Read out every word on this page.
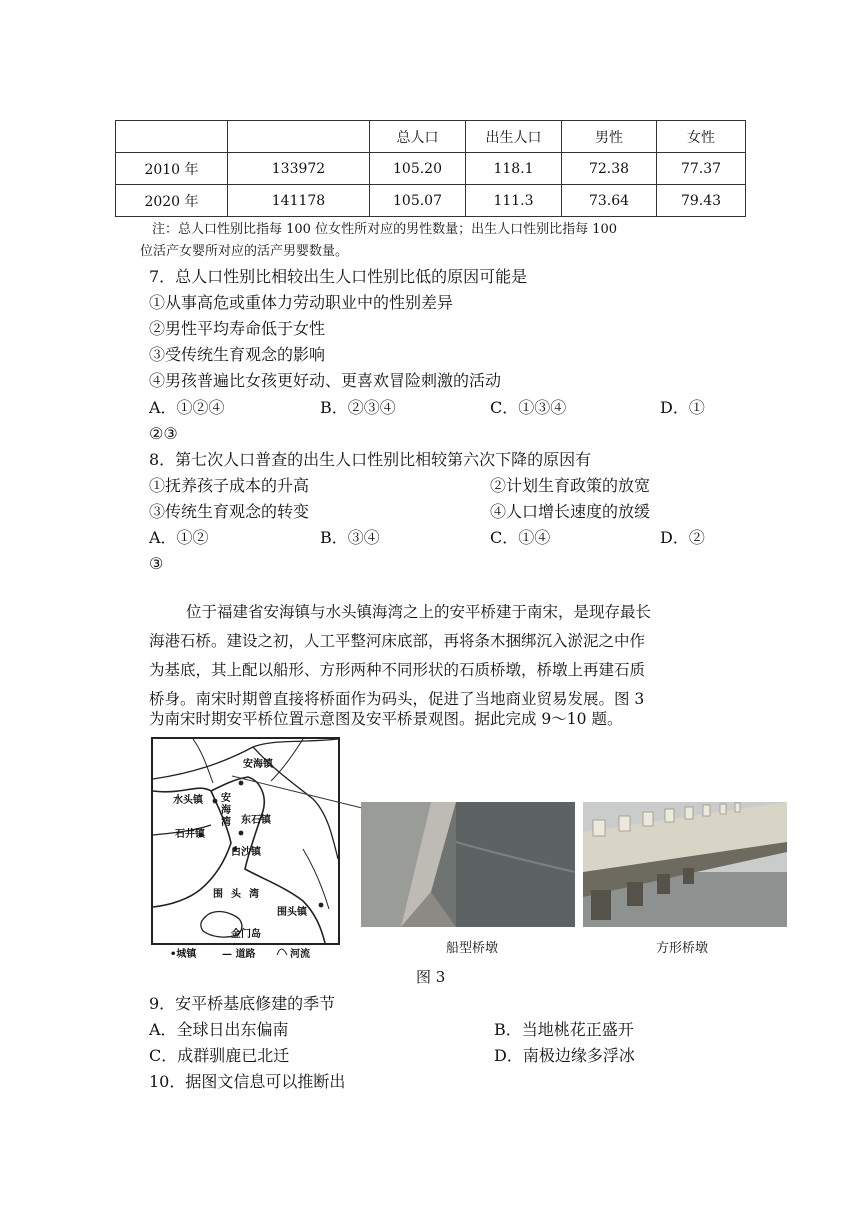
		总人口	出生人口	男性	女性
2010 年	133972	105.20	118.1	72.38	77.37
2020 年	141178	105.07	111.3	73.64	79.43
注：总人口性别比指每 100 位女性所对应的男性数量；出生人口性别比指每 100
位活产女婴所对应的活产男婴数量。
7．总人口性别比相较出生人口性别比低的原因可能是
①从事高危或重体力劳动职业中的性别差异
②男性平均寿命低于女性
③受传统生育观念的影响
④男孩普遍比女孩更好动、更喜欢冒险刺激的活动
A．①②④	B．②③④	C．①③④	D．①
②③
8．第七次人口普查的出生人口性别比相较第六次下降的原因有
①抚养孩子成本的升高	②计划生育政策的放宽
③传统生育观念的转变	④人口增长速度的放缓
A．①②	B．③④	C．①④	D．②
③
位于福建省安海镇与水头镇海湾之上的安平桥建于南宋，是现存最长
海港石桥。建设之初，人工平整河床底部，再将条木捆绑沉入淤泥之中作
为基底，其上配以船形、方形两种不同形状的石质桥墩，桥墩上再建石质
桥身。南宋时期曾直接将桥面作为码头，促进了当地商业贸易发展。图 3
为南宋时期安平桥位置示意图及安平桥景观图。据此完成 9～10 题。
安海镇
水头镇 安海湾 东石镇
石井镇
白沙镇
围头湾
围头镇
金门岛
•城镇	— 道路	河流	船型桥墩	方形桥墩
图 3
9．安平桥基底修建的季节
A．全球日出东偏南	B．当地桃花正盛开
C．成群驯鹿已北迁	D．南极边缘多浮冰
10．据图文信息可以推断出
